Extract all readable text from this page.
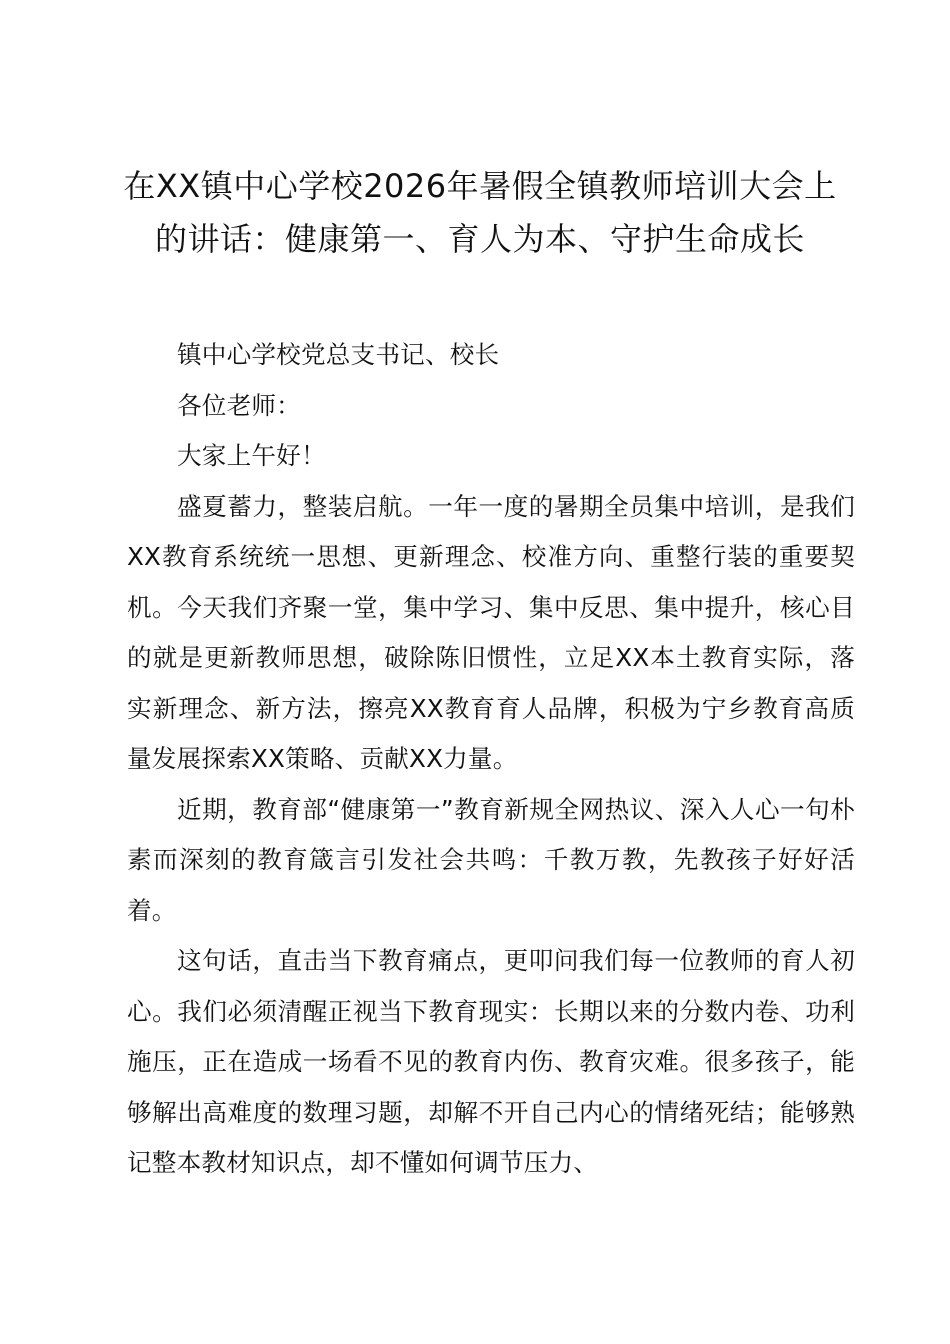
在XX镇中心学校2026年暑假全镇教师培训大会上的讲话：健康第一、育人为本、守护生命成长

镇中心学校党总支书记、校长

各位老师：

大家上午好！

盛夏蓄力，整装启航。一年一度的暑期全员集中培训，是我们XX教育系统统一思想、更新理念、校准方向、重整行装的重要契机。今天我们齐聚一堂，集中学习、集中反思、集中提升，核心目的就是更新教师思想，破除陈旧惯性，立足XX本土教育实际，落实新理念、新方法，擦亮XX教育育人品牌，积极为宁乡教育高质量发展探索XX策略、贡献XX力量。

近期，教育部“健康第一”教育新规全网热议、深入人心一句朴素而深刻的教育箴言引发社会共鸣：千教万教，先教孩子好好活着。

这句话，直击当下教育痛点，更叩问我们每一位教师的育人初心。我们必须清醒正视当下教育现实：长期以来的分数内卷、功利施压，正在造成一场看不见的教育内伤、教育灾难。很多孩子，能够解出高难度的数理习题，却解不开自己内心的情绪死结；能够熟记整本教材知识点，却不懂如何调节压力、
